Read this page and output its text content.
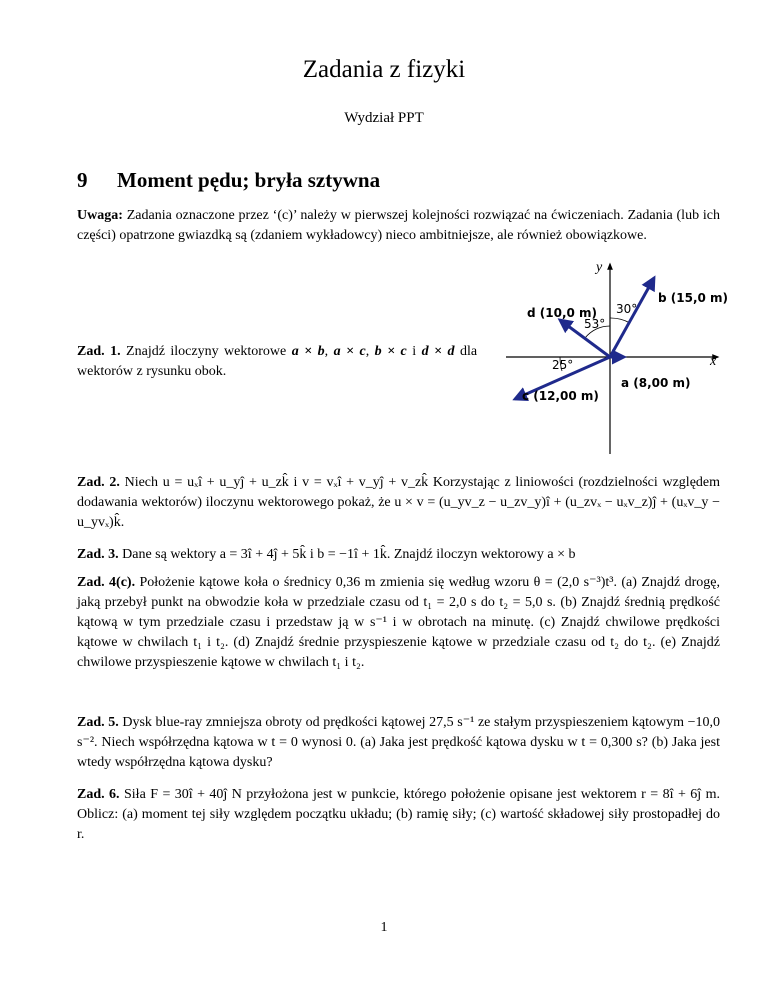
Zadania z fizyki
Wydział PPT
9 Moment pędu; bryła sztywna
Uwaga: Zadania oznaczone przez ‘(c)’ należy w pierwszej kolejności rozwiązać na ćwiczeniach. Zadania (lub ich części) opatrzone gwiazdką są (zdaniem wykładowcy) nieco ambitniejsze, ale również obowiązkowe.
Zad. 1. Znajdź iloczyny wektorowe a × b, a × c, b × c i d × d dla wektorów z rysunku obok.
y
x
b (15,0 m)
30°
d (10,0 m)
53°
25°
a (8,00 m)
c (12,00 m)
Zad. 2. Niech u = uₓî + u_yĵ + u_zk̂ i v = vₓî + v_yĵ + v_zk̂ Korzystając z liniowości (rozdzielności względem dodawania wektorów) iloczynu wektorowego pokaż, że u × v = (u_yv_z − u_zv_y)î + (u_zvₓ − uₓv_z)ĵ + (uₓv_y − u_yvₓ)k̂.
Zad. 3. Dane są wektory a = 3î + 4ĵ + 5k̂ i b = −1î + 1k̂. Znajdź iloczyn wektorowy a × b
Zad. 4(c). Położenie kątowe koła o średnicy 0,36 m zmienia się według wzoru θ = (2,0 s⁻³)t³. (a) Znajdź drogę, jaką przebył punkt na obwodzie koła w przedziale czasu od t₁ = 2,0 s do t₂ = 5,0 s. (b) Znajdź średnią prędkość kątową w tym przedziale czasu i przedstaw ją w s⁻¹ i w obrotach na minutę. (c) Znajdź chwilowe prędkości kątowe w chwilach t₁ i t₂. (d) Znajdź średnie przyspieszenie kątowe w przedziale czasu od t₂ do t₂. (e) Znajdź chwilowe przyspieszenie kątowe w chwilach t₁ i t₂.
Zad. 5. Dysk blue-ray zmniejsza obroty od prędkości kątowej 27,5 s⁻¹ ze stałym przyspieszeniem kątowym −10,0 s⁻². Niech współrzędna kątowa w t = 0 wynosi 0. (a) Jaka jest prędkość kątowa dysku w t = 0,300 s? (b) Jaka jest wtedy współrzędna kątowa dysku?
Zad. 6. Siła F = 30î + 40ĵ N przyłożona jest w punkcie, którego położenie opisane jest wektorem r = 8î + 6ĵ m. Oblicz: (a) moment tej siły względem początku układu; (b) ramię siły; (c) wartość składowej siły prostopadłej do r.
1
